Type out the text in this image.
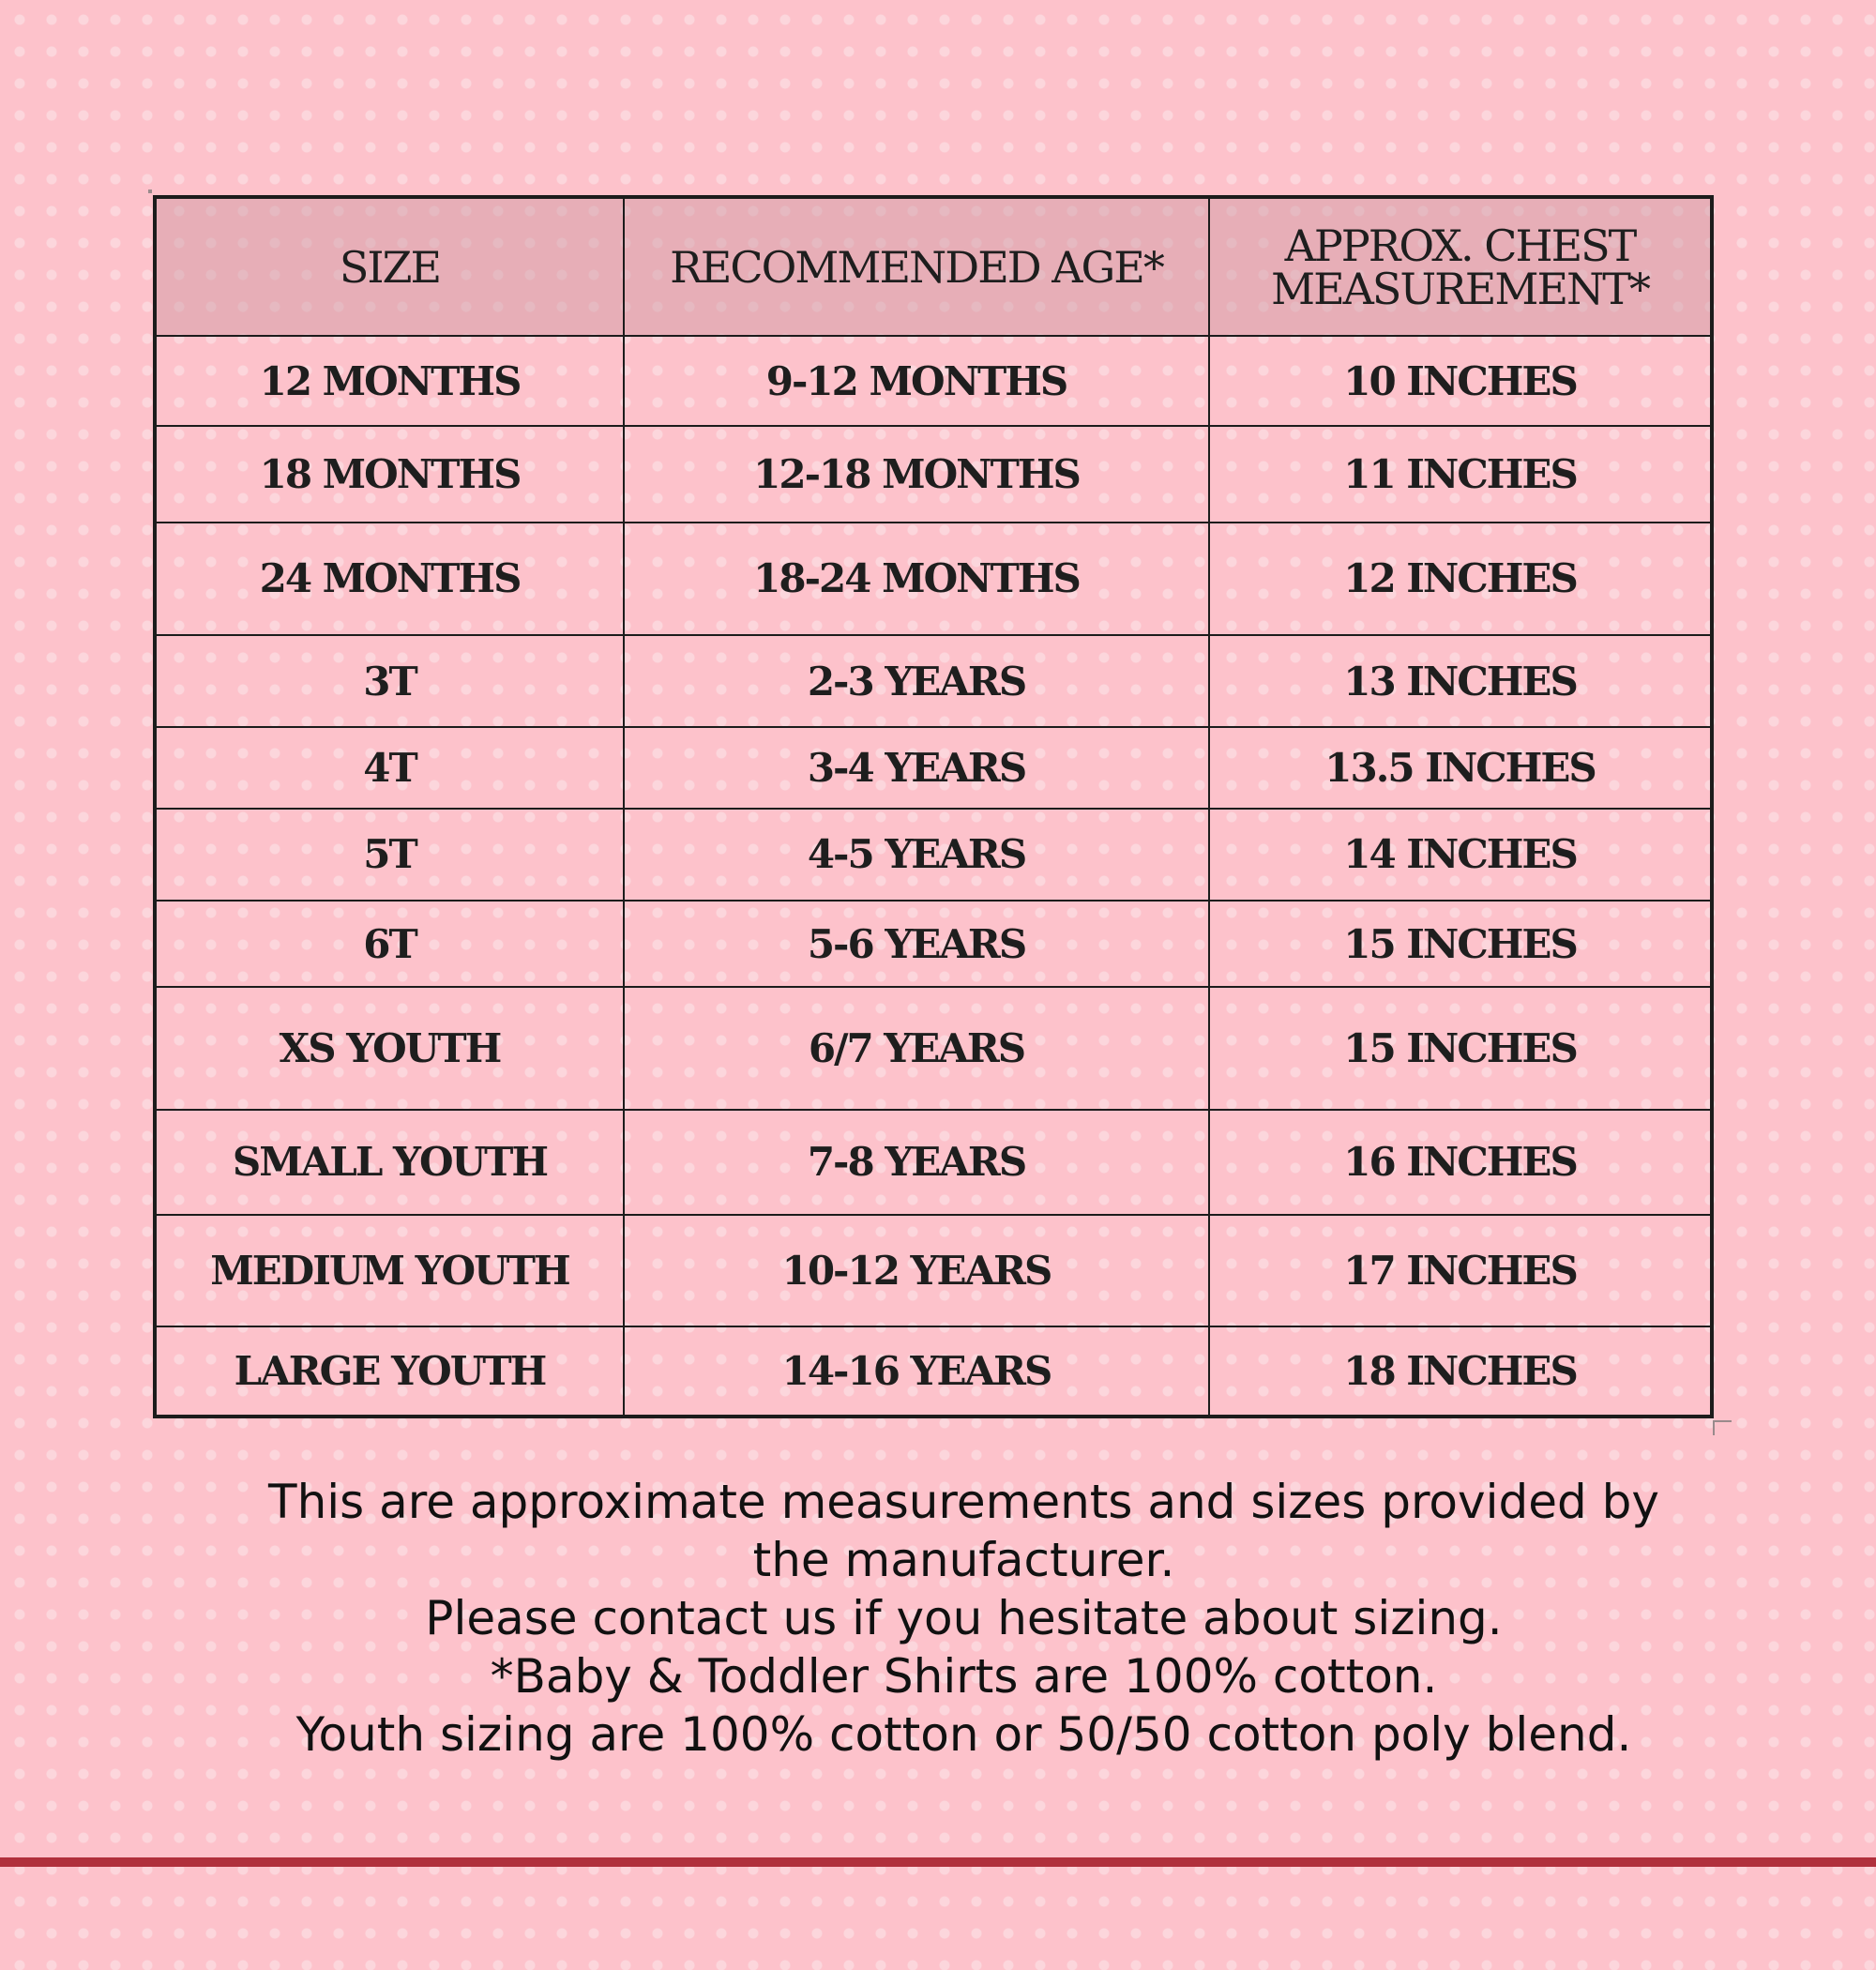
SIZE	RECOMMENDED AGE*	APPROX. CHEST MEASUREMENT*
12 MONTHS	9-12 MONTHS	10 INCHES
18 MONTHS	12-18 MONTHS	11 INCHES
24 MONTHS	18-24 MONTHS	12 INCHES
3T	2-3 YEARS	13 INCHES
4T	3-4 YEARS	13.5 INCHES
5T	4-5 YEARS	14 INCHES
6T	5-6 YEARS	15 INCHES
XS YOUTH	6/7 YEARS	15 INCHES
SMALL YOUTH	7-8 YEARS	16 INCHES
MEDIUM YOUTH	10-12 YEARS	17 INCHES
LARGE YOUTH	14-16 YEARS	18 INCHES

This are approximate measurements and sizes provided by the manufacturer.

Please contact us if you hesitate about sizing.

*Baby & Toddler Shirts are 100% cotton.

Youth sizing are 100% cotton or 50/50 cotton poly blend.
